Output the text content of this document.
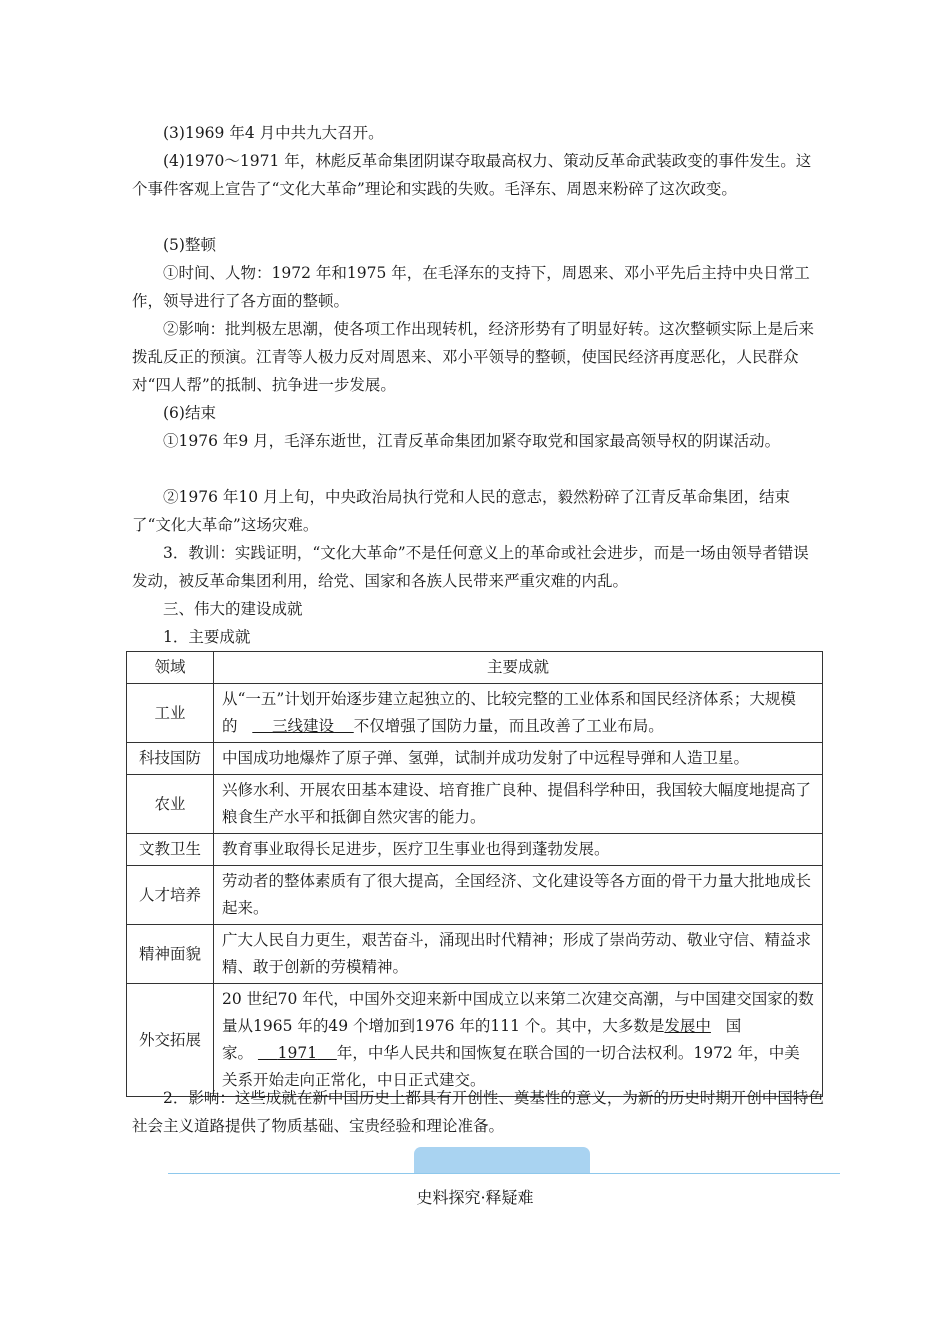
(3)1969 年4 月中共九大召开。

(4)1970～1971 年，林彪反革命集团阴谋夺取最高权力、策动反革命武装政变的事件发生。这个事件客观上宣告了“文化大革命”理论和实践的失败。毛泽东、周恩来粉碎了这次政变。

(5)整顿

①时间、人物：1972 年和1975 年，在毛泽东的支持下，周恩来、邓小平先后主持中央日常工作，领导进行了各方面的整顿。

②影响：批判极左思潮，使各项工作出现转机，经济形势有了明显好转。这次整顿实际上是后来拨乱反正的预演。江青等人极力反对周恩来、邓小平领导的整顿，使国民经济再度恶化，人民群众对“四人帮”的抵制、抗争进一步发展。

(6)结束

①1976 年9 月，毛泽东逝世，江青反革命集团加紧夺取党和国家最高领导权的阴谋活动。

②1976 年10 月上旬，中央政治局执行党和人民的意志，毅然粉碎了江青反革命集团，结束了“文化大革命”这场灾难。

3．教训：实践证明，“文化大革命”不是任何意义上的革命或社会进步，而是一场由领导者错误发动，被反革命集团利用，给党、国家和各族人民带来严重灾难的内乱。

三、伟大的建设成就

1．主要成就

领域	主要成就
工业	从“一五”计划开始逐步建立起独立的、比较完整的工业体系和国民经济体系；大规模的 三线建设 不仅增强了国防力量，而且改善了工业布局。
科技国防	中国成功地爆炸了原子弹、氢弹，试制并成功发射了中远程导弹和人造卫星。
农业	兴修水利、开展农田基本建设、培育推广良种、提倡科学种田，我国较大幅度地提高了粮食生产水平和抵御自然灾害的能力。
文教卫生	教育事业取得长足进步，医疗卫生事业也得到蓬勃发展。
人才培养	劳动者的整体素质有了很大提高，全国经济、文化建设等各方面的骨干力量大批地成长起来。
精神面貌	广大人民自力更生，艰苦奋斗，涌现出时代精神；形成了崇尚劳动、敬业守信、精益求精、敢于创新的劳模精神。
外交拓展	20 世纪70 年代，中国外交迎来新中国成立以来第二次建交高潮，与中国建交国家的数量从1965 年的49 个增加到1976 年的111 个。其中，大多数是发展中 国家。 1971 年，中华人民共和国恢复在联合国的一切合法权利。1972 年，中美关系开始走向正常化，中日正式建交。

2．影响：这些成就在新中国历史上都具有开创性、奠基性的意义，为新的历史时期开创中国特色社会主义道路提供了物质基础、宝贵经验和理论准备。

史料探究·释疑难
